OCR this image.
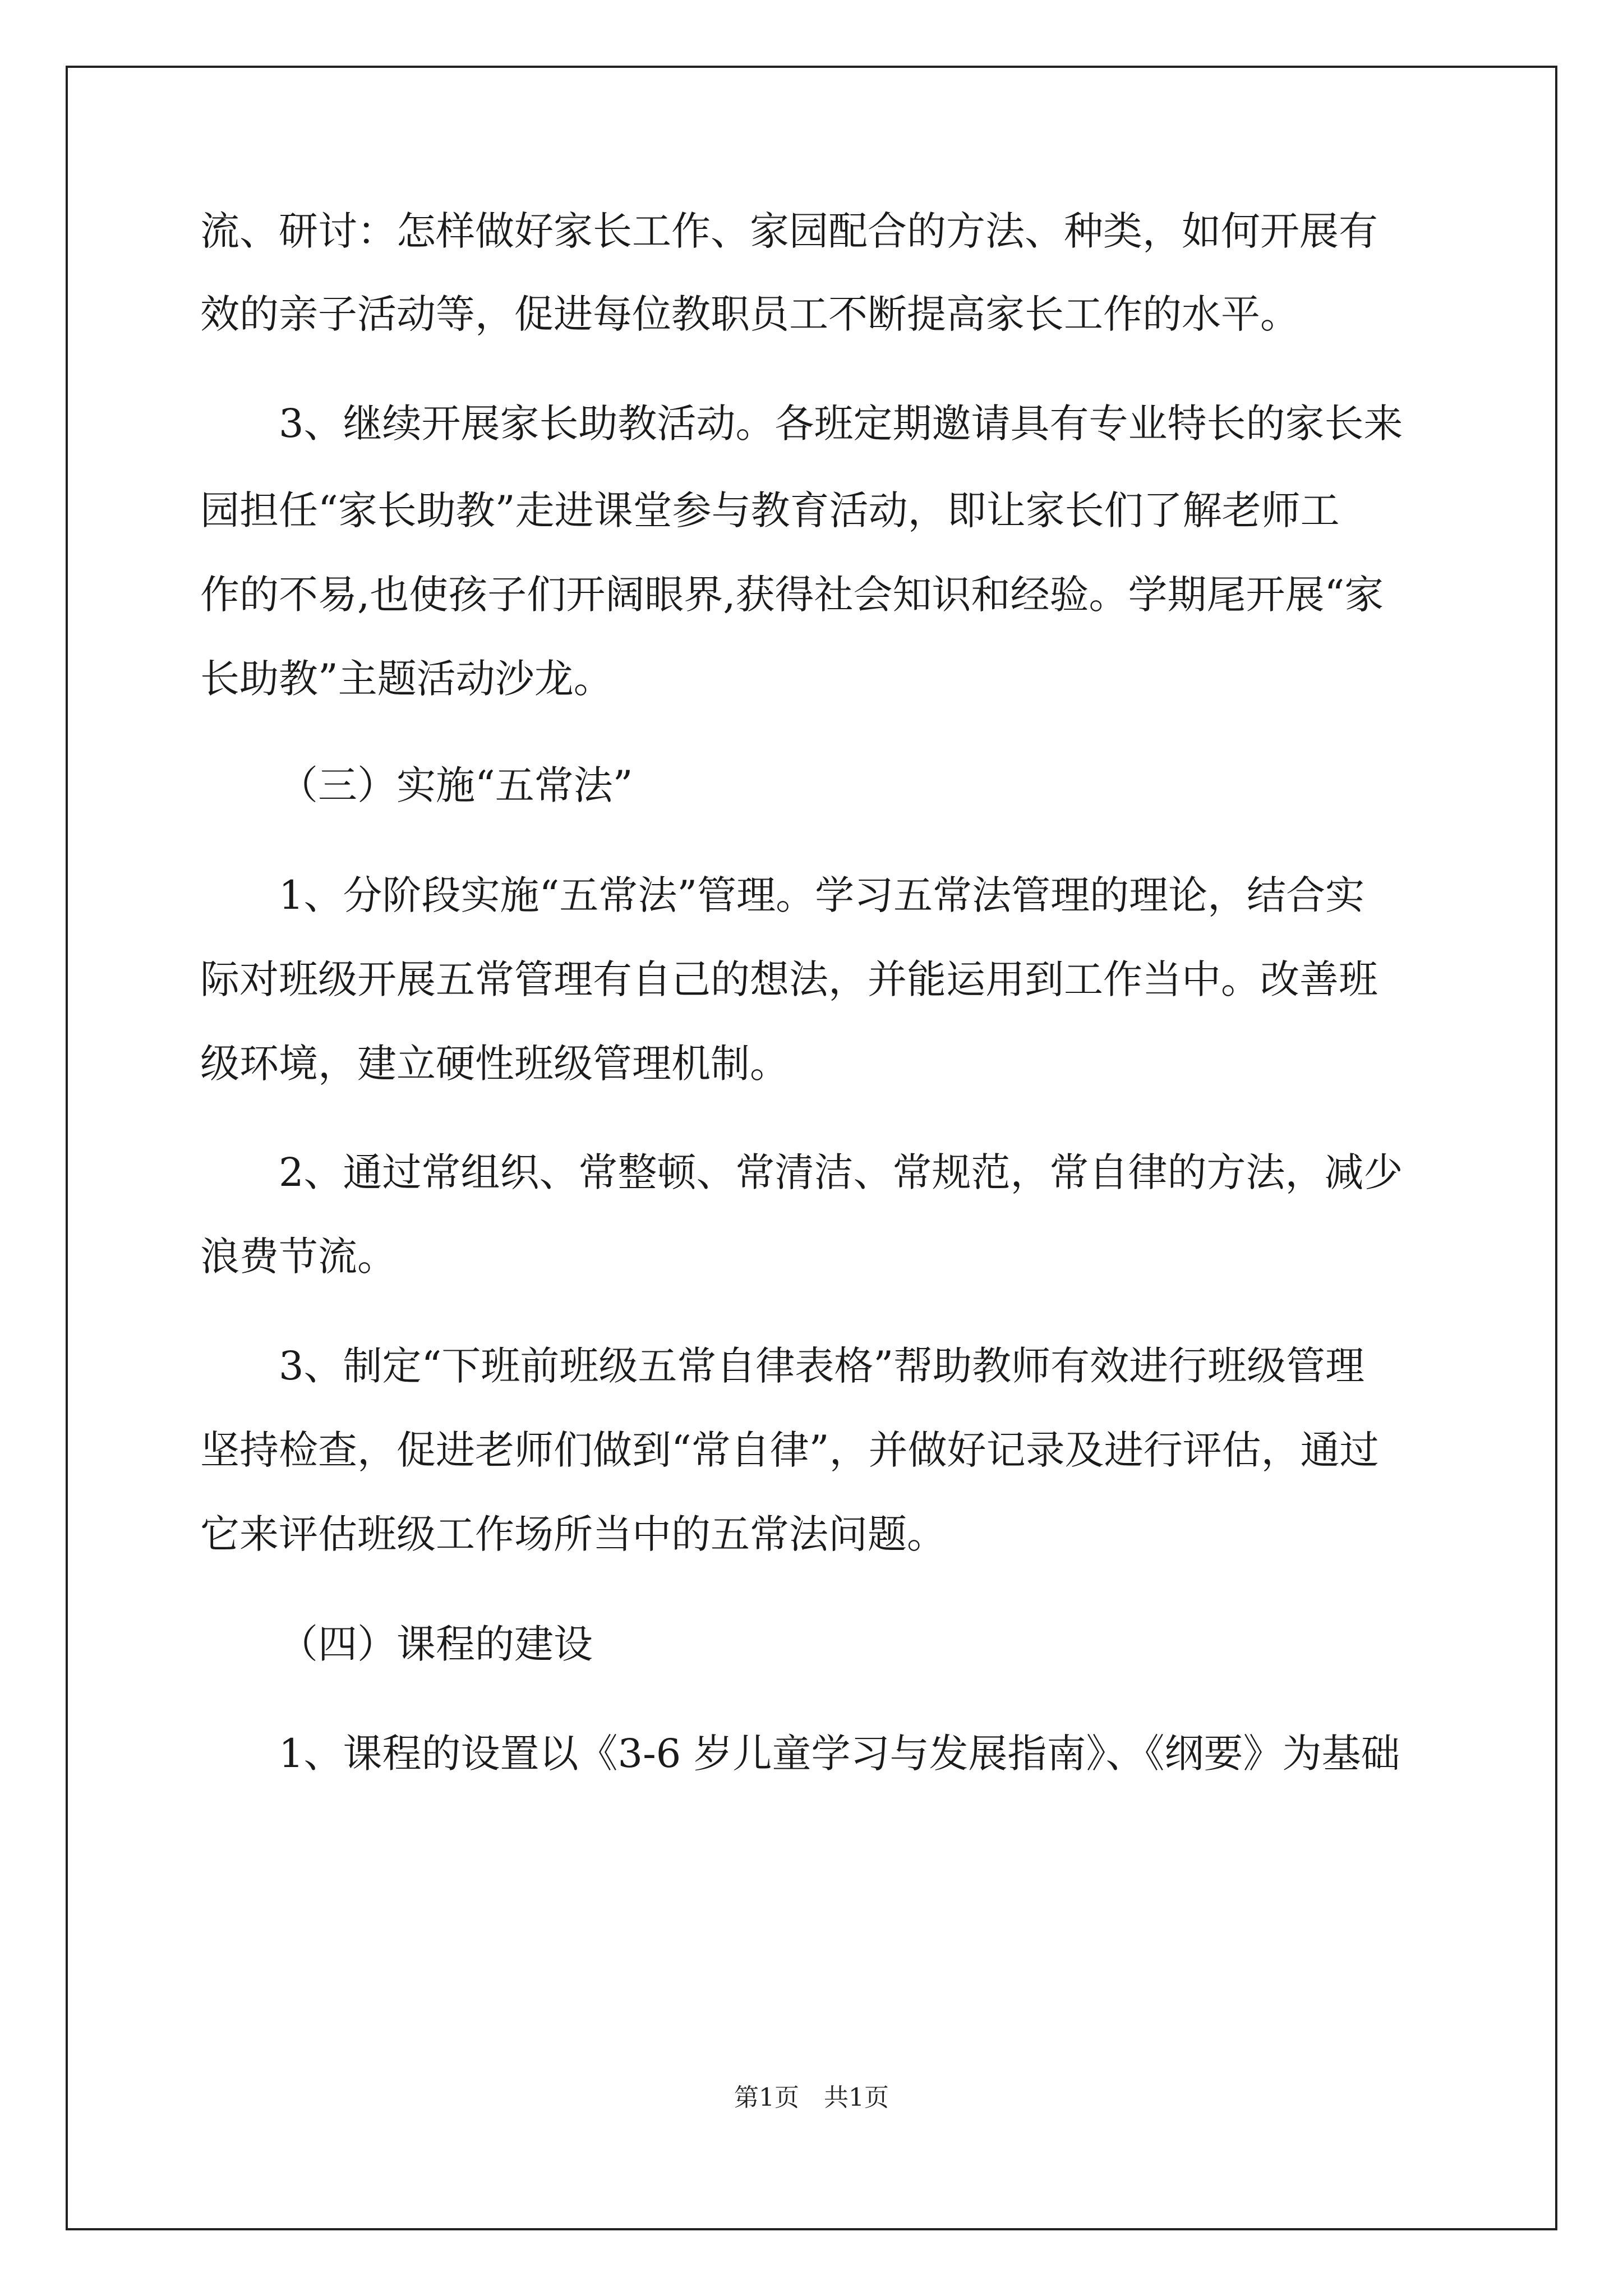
流、研讨：怎样做好家长工作、家园配合的方法、种类，如何开展有
效的亲子活动等，促进每位教职员工不断提高家长工作的水平。
3、继续开展家长助教活动。各班定期邀请具有专业特长的家长来
园担任“家长助教”走进课堂参与教育活动，即让家长们了解老师工
作的不易,也使孩子们开阔眼界,获得社会知识和经验。学期尾开展“家
长助教”主题活动沙龙。
（三）实施“五常法”
1、分阶段实施“五常法”管理。学习五常法管理的理论，结合实
际对班级开展五常管理有自己的想法，并能运用到工作当中。改善班
级环境，建立硬性班级管理机制。
2、通过常组织、常整顿、常清洁、常规范，常自律的方法，减少
浪费节流。
3、制定“下班前班级五常自律表格”帮助教师有效进行班级管理
坚持检查，促进老师们做到“常自律”，并做好记录及进行评估，通过
它来评估班级工作场所当中的五常法问题。
（四）课程的建设
1、课程的设置以《3-6 岁儿童学习与发展指南》、《纲要》为基础
第1页　共1页
